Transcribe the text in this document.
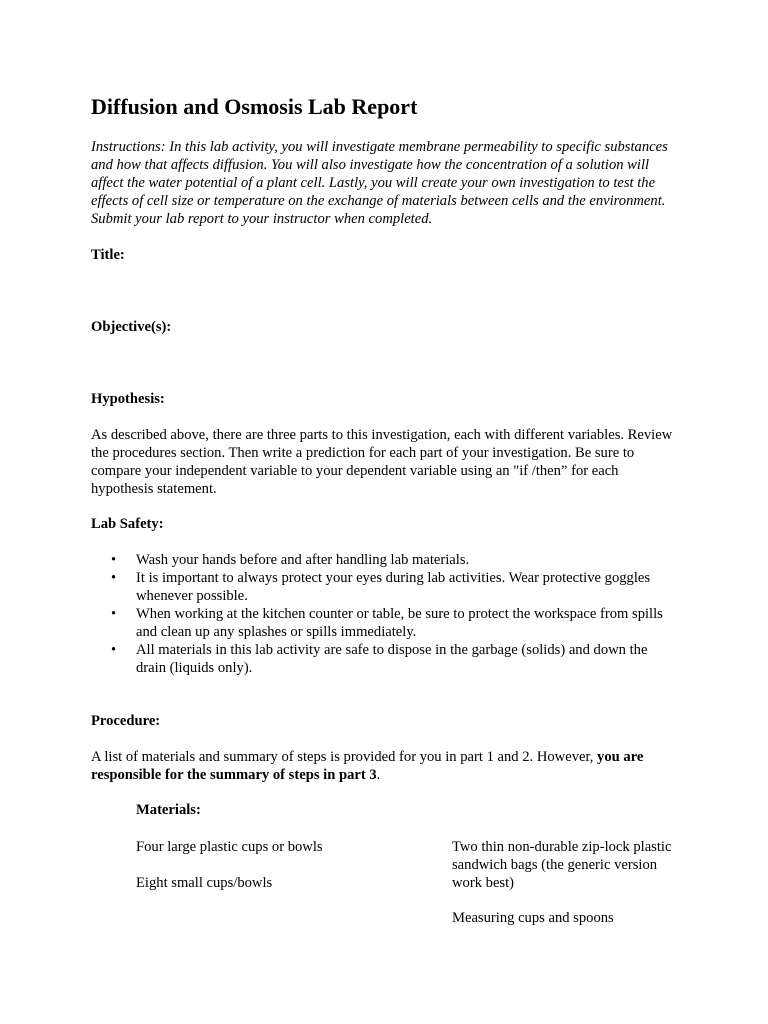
Diffusion and Osmosis Lab Report

Instructions: In this lab activity, you will investigate membrane permeability to specific substances and how that affects diffusion. You will also investigate how the concentration of a solution will affect the water potential of a plant cell. Lastly, you will create your own investigation to test the effects of cell size or temperature on the exchange of materials between cells and the environment. Submit your lab report to your instructor when completed.

Title:

Objective(s):

Hypothesis:

As described above, there are three parts to this investigation, each with different variables. Review the procedures section. Then write a prediction for each part of your investigation. Be sure to compare your independent variable to your dependent variable using an "if /then” for each hypothesis statement.

Lab Safety:

• Wash your hands before and after handling lab materials.
• It is important to always protect your eyes during lab activities. Wear protective goggles whenever possible.
• When working at the kitchen counter or table, be sure to protect the workspace from spills and clean up any splashes or spills immediately.
• All materials in this lab activity are safe to dispose in the garbage (solids) and down the drain (liquids only).

Procedure:

A list of materials and summary of steps is provided for you in part 1 and 2. However, you are responsible for the summary of steps in part 3.

Materials:

Four large plastic cups or bowls

Eight small cups/bowls

Two thin non-durable zip-lock plastic sandwich bags (the generic version work best)

Measuring cups and spoons
